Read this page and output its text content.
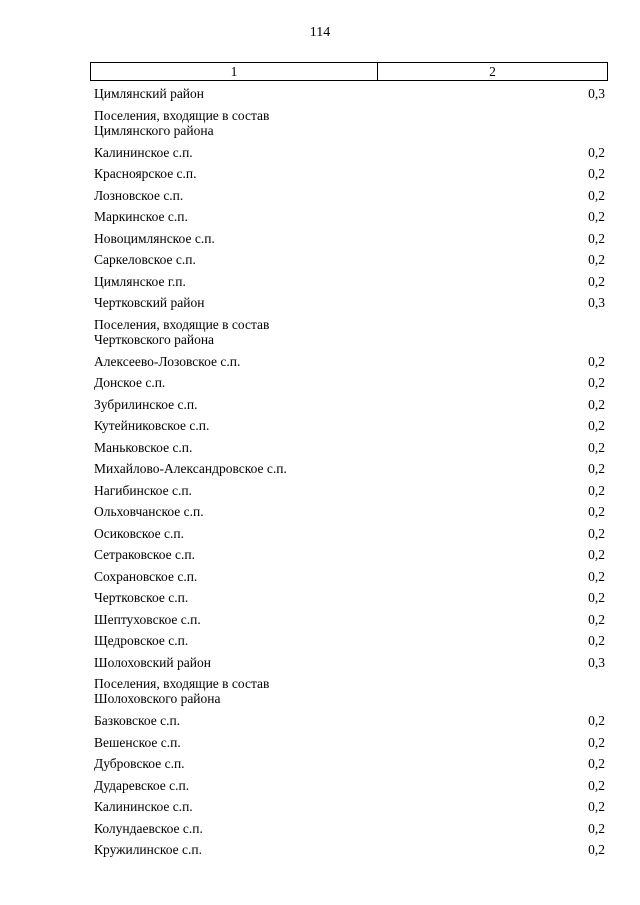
114
1	2
Цимлянский район	0,3
Поселения, входящие в состав
Цимлянского района
Калининское с.п.	0,2
Красноярское с.п.	0,2
Лозновское с.п.	0,2
Маркинское с.п.	0,2
Новоцимлянское с.п.	0,2
Саркеловское с.п.	0,2
Цимлянское г.п.	0,2
Чертковский район	0,3
Поселения, входящие в состав
Чертковского района
Алексеево-Лозовское с.п.	0,2
Донское с.п.	0,2
Зубрилинское с.п.	0,2
Кутейниковское с.п.	0,2
Маньковское с.п.	0,2
Михайлово-Александровское с.п.	0,2
Нагибинское с.п.	0,2
Ольховчанское с.п.	0,2
Осиковское с.п.	0,2
Сетраковское с.п.	0,2
Сохрановское с.п.	0,2
Чертковское с.п.	0,2
Шептуховское с.п.	0,2
Щедровское с.п.	0,2
Шолоховский район	0,3
Поселения, входящие в состав
Шолоховского района
Базковское с.п.	0,2
Вешенское с.п.	0,2
Дубровское с.п.	0,2
Дударевское с.п.	0,2
Калининское с.п.	0,2
Колундаевское с.п.	0,2
Кружилинское с.п.	0,2
